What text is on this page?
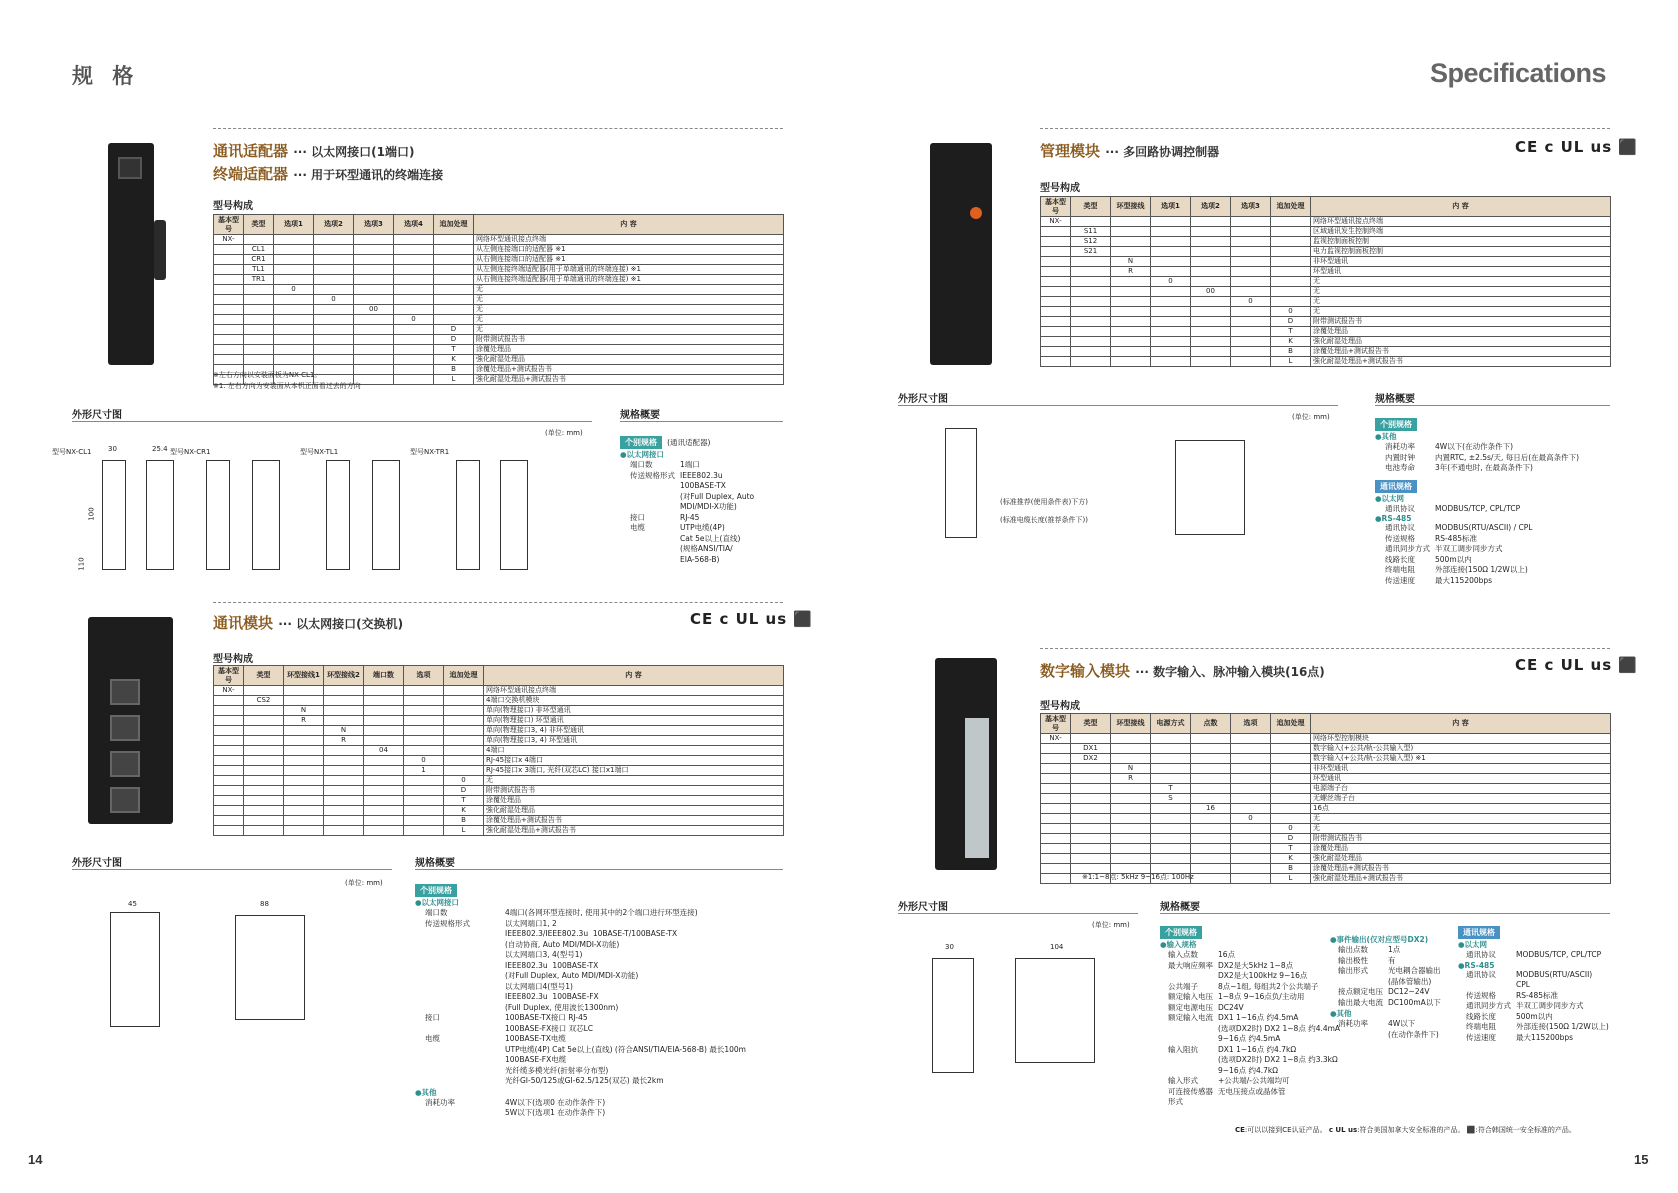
规 格	Specifications
14	15
通讯适配器 ··· 以太网接口(1端口)
终端适配器 ··· 用于环型通讯的终端连接
型号构成
基本型号	类型	选项1	选项2	选项3	选项4	追加处理	内 容
NX-							网络环型通讯接点终端
	CL1						从左侧连接端口的适配器 ※1
	CR1						从右侧连接端口的适配器 ※1
	TL1						从左侧连接终端适配器(用于单端通讯的终端连接) ※1
	TR1						从右侧连接终端适配器(用于单端通讯的终端连接) ※1
		0					无
			0				无
				00			无
					0		无
						D	无
						D	附带测试报告书
						T	涂覆处理品
						K	強化耐湿处理品
						B	涂覆处理品+测试报告书
						L	強化耐湿处理品+测试报告书
※左右方向以安装面板为NX-CL1。
※1. 左右方向为安装面从本机正面看过去的方向
外形尺寸图
(单位: mm)
型号NX-CL1	型号NX-CR1	型号NX-TL1	型号NX-TR1
30	25.4
100
110
规格概要
个别规格 (通讯适配器)
●以太网接口
端口数	1端口
传送规格形式 IEEE802.3u
100BASE-TX
(对Full Duplex, Auto
MDI/MDI-X功能)
接口	RJ-45
电缆	UTP电缆(4P)
Cat 5e以上(直线)
(规格ANSI/TIA/
EIA-568-B)
通讯模块 ··· 以太网接口(交换机)	CE c UL us ⬛
型号构成
基本型号	类型	环型接线1	环型接线2	端口数	选项	追加处理	内 容
NX-							网络环型通讯接点终端
	CS2						4端口交换机模块
		N					单向(物理接口) 非环型通讯
		R					单向(物理接口) 环型通讯
			N				单向(物理接口3, 4) 非环型通讯
			R				单向(物理接口3, 4) 环型通讯
				04			4端口
					0		RJ-45接口x 4端口
					1		RJ-45接口x 3端口, 光纤(双芯LC) 接口x1端口
						0	无
						D	附带测试报告书
						T	涂覆处理品
						K	強化耐湿处理品
						B	涂覆处理品+测试报告书
						L	強化耐湿处理品+测试报告书
外形尺寸图
(单位: mm)
45	88
规格概要
个别规格
●以太网接口
端口数	4端口(各网环型连接时, 使用其中的2个端口进行环型连接)
传送规格形式	以太网端口1, 2
IEEE802.3/IEEE802.3u  10BASE-T/100BASE-TX
(自动协商, Auto MDI/MDI-X功能)
以太网端口3, 4(型号1)
IEEE802.3u  100BASE-TX
(对Full Duplex, Auto MDI/MDI-X功能)
以太网端口4(型号1)
IEEE802.3u  100BASE-FX
(Full Duplex, 使用波长1300nm)
接口	100BASE-TX接口 RJ-45
100BASE-FX接口 双芯LC
电缆	100BASE-TX电缆
UTP电缆(4P) Cat 5e以上(直线) (符合ANSI/TIA/EIA-568-B) 最长100m
100BASE-FX电缆
光纤缆多模光纤(折射率分布型)
光纤GI-50/125或GI-62.5/125(双芯) 最长2km
●其他
消耗功率	4W以下(选项0 在动作条件下)
5W以下(选项1 在动作条件下)
管理模块 ··· 多回路协调控制器	CE c UL us ⬛
型号构成
基本型号	类型	环型接线	选项1	选项2	选项3	追加处理	内 容
NX-							网络环型通讯接点终端
	S11						区域通讯发生控制终端
	S12						监视控制面板控制
	S21						电力监视控制面板控制
		N					非环型通讯
		R					环型通讯
			0				无
				00			无
					0		无
						0	无
						D	附带测试报告书
						T	涂覆处理品
						K	強化耐湿处理品
						B	涂覆处理品+测试报告书
						L	強化耐湿处理品+测试报告书
外形尺寸图
(单位: mm)
(标准推荐(使用条件表)下方)
(标准电缆长度(推荐条件下))
规格概要
个别规格
●其他
消耗功率	4W以下(在动作条件下)
内置时钟	内置RTC, ±2.5s/天, 每日后(在最高条件下)
电池寿命	3年(不通电时, 在最高条件下)
通讯规格
●以太网
通讯协议	MODBUS/TCP, CPL/TCP
●RS-485
通讯协议	MODBUS(RTU/ASCII) / CPL
传送规格	RS-485标准
通讯同步方式 半双工调步同步方式
线路长度	500m以内
终端电阻	外部连接(150Ω 1/2W以上)
传送速度	最大115200bps
数字输入模块 ··· 数字输入、脉冲输入模块(16点)	CE c UL us ⬛
型号构成
基本型号	类型	环型接线	电源方式	点数	选项	追加处理	内 容
NX-							网络环型控制模块
	DX1						数字输入(+公共/轨-公共输入型)
	DX2						数字输入(+公共/轨-公共输入型) ※1
		N					非环型通讯
		R					环型通讯
			T				电源端子台
			S				无螺丝端子台
				16			16点
					0		无
						0	无
						D	附带测试报告书
						T	涂覆处理品
						K	強化耐湿处理品
						B	涂覆处理品+测试报告书
						L	強化耐湿处理品+测试报告书
※1:1~8点: 5kHz 9~16点: 100Hz
外形尺寸图
(单位: mm)
30	104
规格概要
个别规格
●输入规格
输入点数	16点
最大响应频率 DX2是大5kHz 1~8点
DX2是大100kHz 9~16点
公共端子	8点~1组, 每组共2个公共端子
额定输入电压 1~8点 9~16点负/主动用
额定电源电压 DC24V
额定输入电流 DX1 1~16点 约4.5mA
(选项DX2时) DX2 1~8点 约4.4mA
9~16点 约4.5mA
输入阻抗	DX1 1~16点 约4.7kΩ
(选项DX2时) DX2 1~8点 约3.3kΩ
9~16点 约4.7kΩ
输入形式	+公共端/-公共端均可
可连接传感器形式
无电压接点或晶体管
●事件输出(仅对应型号DX2)
输出点数	1点
输出极性	有
输出形式	光电耦合器输出
(晶体管输出)
接点额定电压 DC12~24V
输出最大电流 DC100mA以下
●其他
消耗功率	4W以下
(在动作条件下)
通讯规格
●以太网
通讯协议	MODBUS/TCP, CPL/TCP
●RS-485
通讯协议	MODBUS(RTU/ASCII)
CPL
传送规格	RS-485标准
通讯同步方式 半双工调步同步方式
线路长度	500m以内
终端电阻	外部连接(150Ω 1/2W以上)
传送速度	最大115200bps
CE:可以以接到CE认证产品。 c UL us:符合美国加拿大安全标准的产品。 ⬛:符合韩国统一安全标准的产品。
